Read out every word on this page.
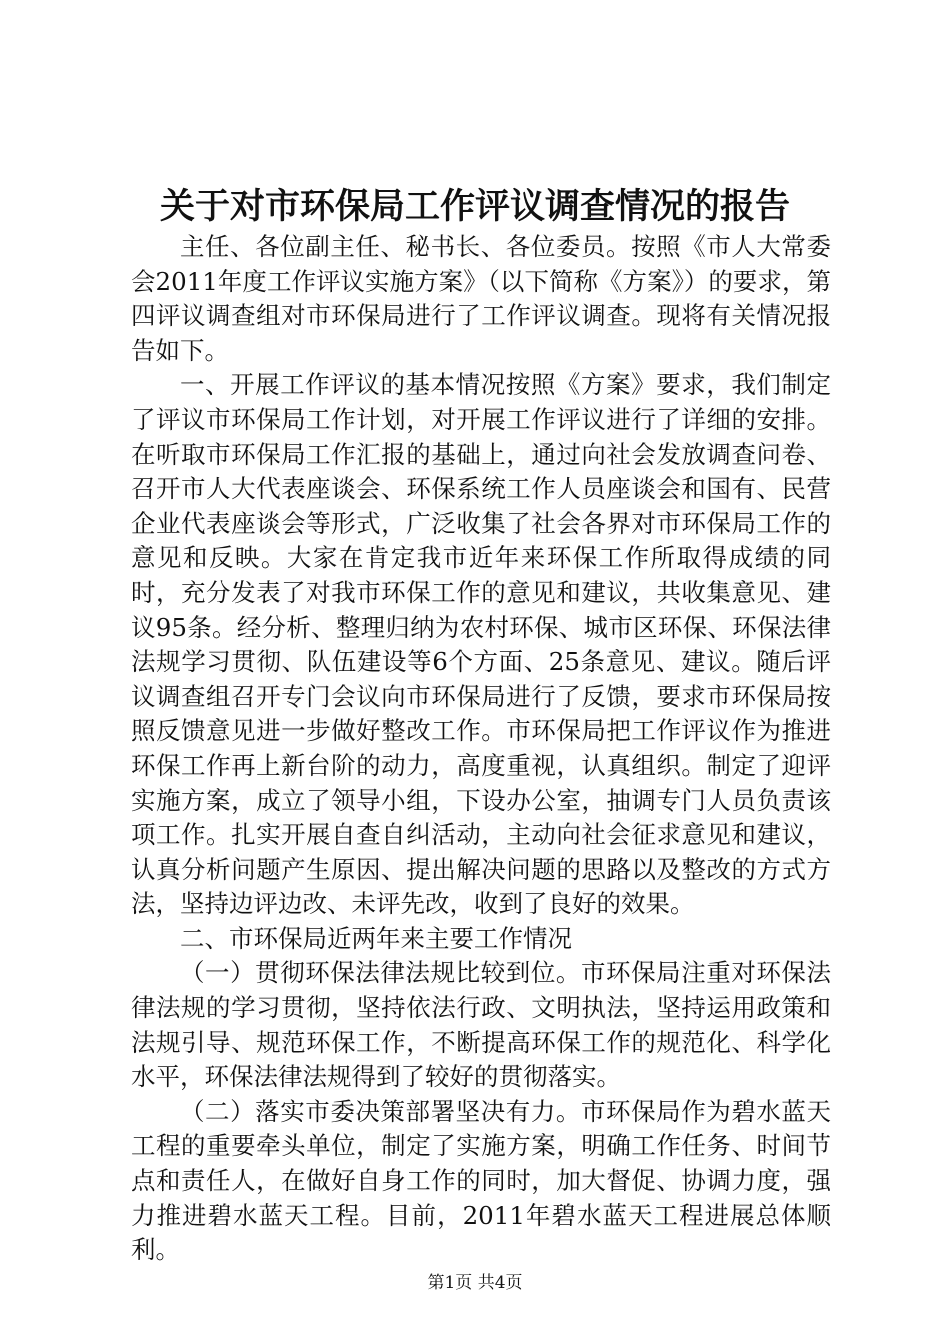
关于对市环保局工作评议调查情况的报告

主任、各位副主任、秘书长、各位委员。按照《市人大常委会2011年度工作评议实施方案》（以下简称《方案》）的要求，第四评议调查组对市环保局进行了工作评议调查。现将有关情况报告如下。

一、开展工作评议的基本情况按照《方案》要求，我们制定了评议市环保局工作计划，对开展工作评议进行了详细的安排。在听取市环保局工作汇报的基础上，通过向社会发放调查问卷、召开市人大代表座谈会、环保系统工作人员座谈会和国有、民营企业代表座谈会等形式，广泛收集了社会各界对市环保局工作的意见和反映。大家在肯定我市近年来环保工作所取得成绩的同时，充分发表了对我市环保工作的意见和建议，共收集意见、建议95条。经分析、整理归纳为农村环保、城市区环保、环保法律法规学习贯彻、队伍建设等6个方面、25条意见、建议。随后评议调查组召开专门会议向市环保局进行了反馈，要求市环保局按照反馈意见进一步做好整改工作。市环保局把工作评议作为推进环保工作再上新台阶的动力，高度重视，认真组织。制定了迎评实施方案，成立了领导小组，下设办公室，抽调专门人员负责该项工作。扎实开展自查自纠活动，主动向社会征求意见和建议，认真分析问题产生原因、提出解决问题的思路以及整改的方式方法，坚持边评边改、未评先改，收到了良好的效果。

二、市环保局近两年来主要工作情况

（一）贯彻环保法律法规比较到位。市环保局注重对环保法律法规的学习贯彻，坚持依法行政、文明执法，坚持运用政策和法规引导、规范环保工作，不断提高环保工作的规范化、科学化水平，环保法律法规得到了较好的贯彻落实。

（二）落实市委决策部署坚决有力。市环保局作为碧水蓝天工程的重要牵头单位，制定了实施方案，明确工作任务、时间节点和责任人，在做好自身工作的同时，加大督促、协调力度，强力推进碧水蓝天工程。目前，2011年碧水蓝天工程进展总体顺利。

第1页 共4页
